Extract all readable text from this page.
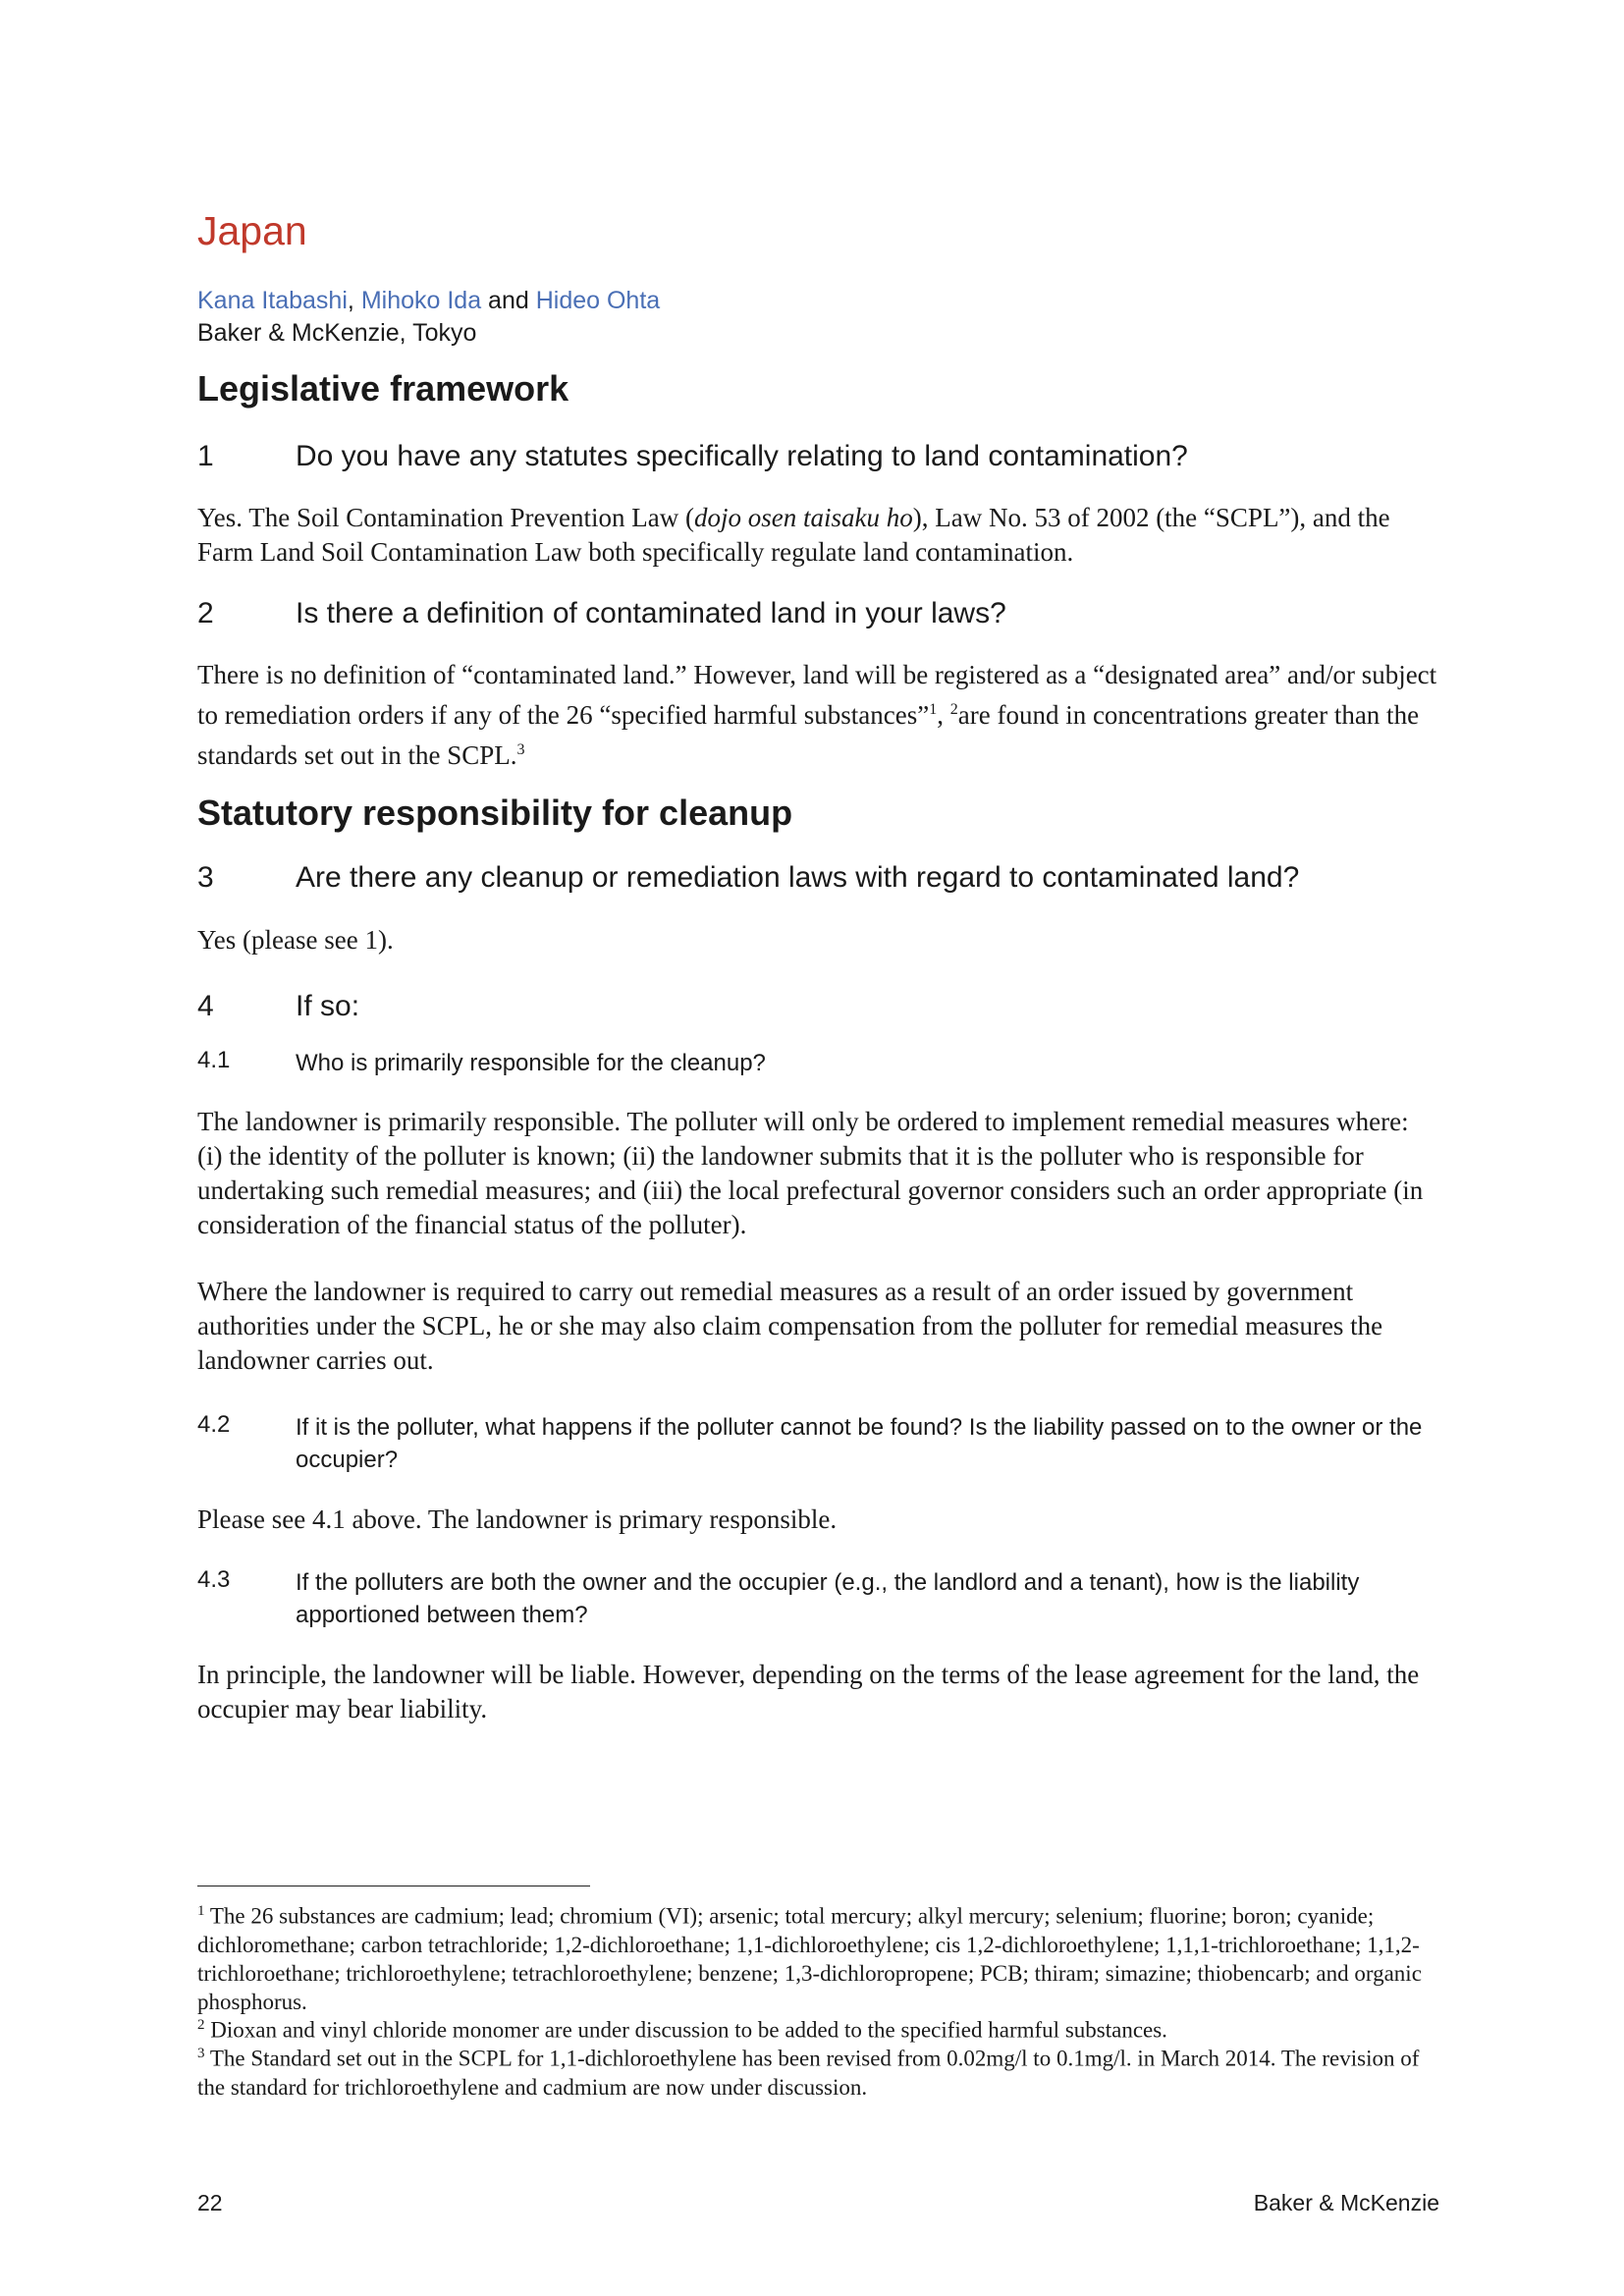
Japan
Kana Itabashi, Mihoko Ida and Hideo Ohta
Baker & McKenzie, Tokyo
Legislative framework
1	Do you have any statutes specifically relating to land contamination?

Yes. The Soil Contamination Prevention Law (dojo osen taisaku ho), Law No. 53 of 2002 (the “SCPL”), and the Farm Land Soil Contamination Law both specifically regulate land contamination.

2	Is there a definition of contaminated land in your laws?

There is no definition of “contaminated land.” However, land will be registered as a “designated area” and/or subject to remediation orders if any of the 26 “specified harmful substances”$^1$, $^2$are found in concentrations greater than the standards set out in the SCPL.$^3$

Statutory responsibility for cleanup
3	Are there any cleanup or remediation laws with regard to contaminated land?

Yes (please see 1).

4	If so:
4.1	Who is primarily responsible for the cleanup?

The landowner is primarily responsible. The polluter will only be ordered to implement remedial measures where: (i) the identity of the polluter is known; (ii) the landowner submits that it is the polluter who is responsible for undertaking such remedial measures; and (iii) the local prefectural governor considers such an order appropriate (in consideration of the financial status of the polluter).

Where the landowner is required to carry out remedial measures as a result of an order issued by government authorities under the SCPL, he or she may also claim compensation from the polluter for remedial measures the landowner carries out.

4.2	If it is the polluter, what happens if the polluter cannot be found? Is the liability passed on to the owner or the occupier?

Please see 4.1 above. The landowner is primary responsible.

4.3	If the polluters are both the owner and the occupier (e.g., the landlord and a tenant), how is the liability apportioned between them?

In principle, the landowner will be liable. However, depending on the terms of the lease agreement for the land, the occupier may bear liability.

$^1$ The 26 substances are cadmium; lead; chromium (VI); arsenic; total mercury; alkyl mercury; selenium; fluorine; boron; cyanide; dichloromethane; carbon tetrachloride; 1,2-dichloroethane; 1,1-dichloroethylene; cis 1,2-dichloroethylene; 1,1,1-trichloroethane; 1,1,2-trichloroethane; trichloroethylene; tetrachloroethylene; benzene; 1,3-dichloropropene; PCB; thiram; simazine; thiobencarb; and organic phosphorus.
$^2$ Dioxan and vinyl chloride monomer are under discussion to be added to the specified harmful substances.
$^3$ The Standard set out in the SCPL for 1,1-dichloroethylene has been revised from 0.02mg/l to 0.1mg/l. in March 2014. The revision of the standard for trichloroethylene and cadmium are now under discussion.
22	Baker & McKenzie
